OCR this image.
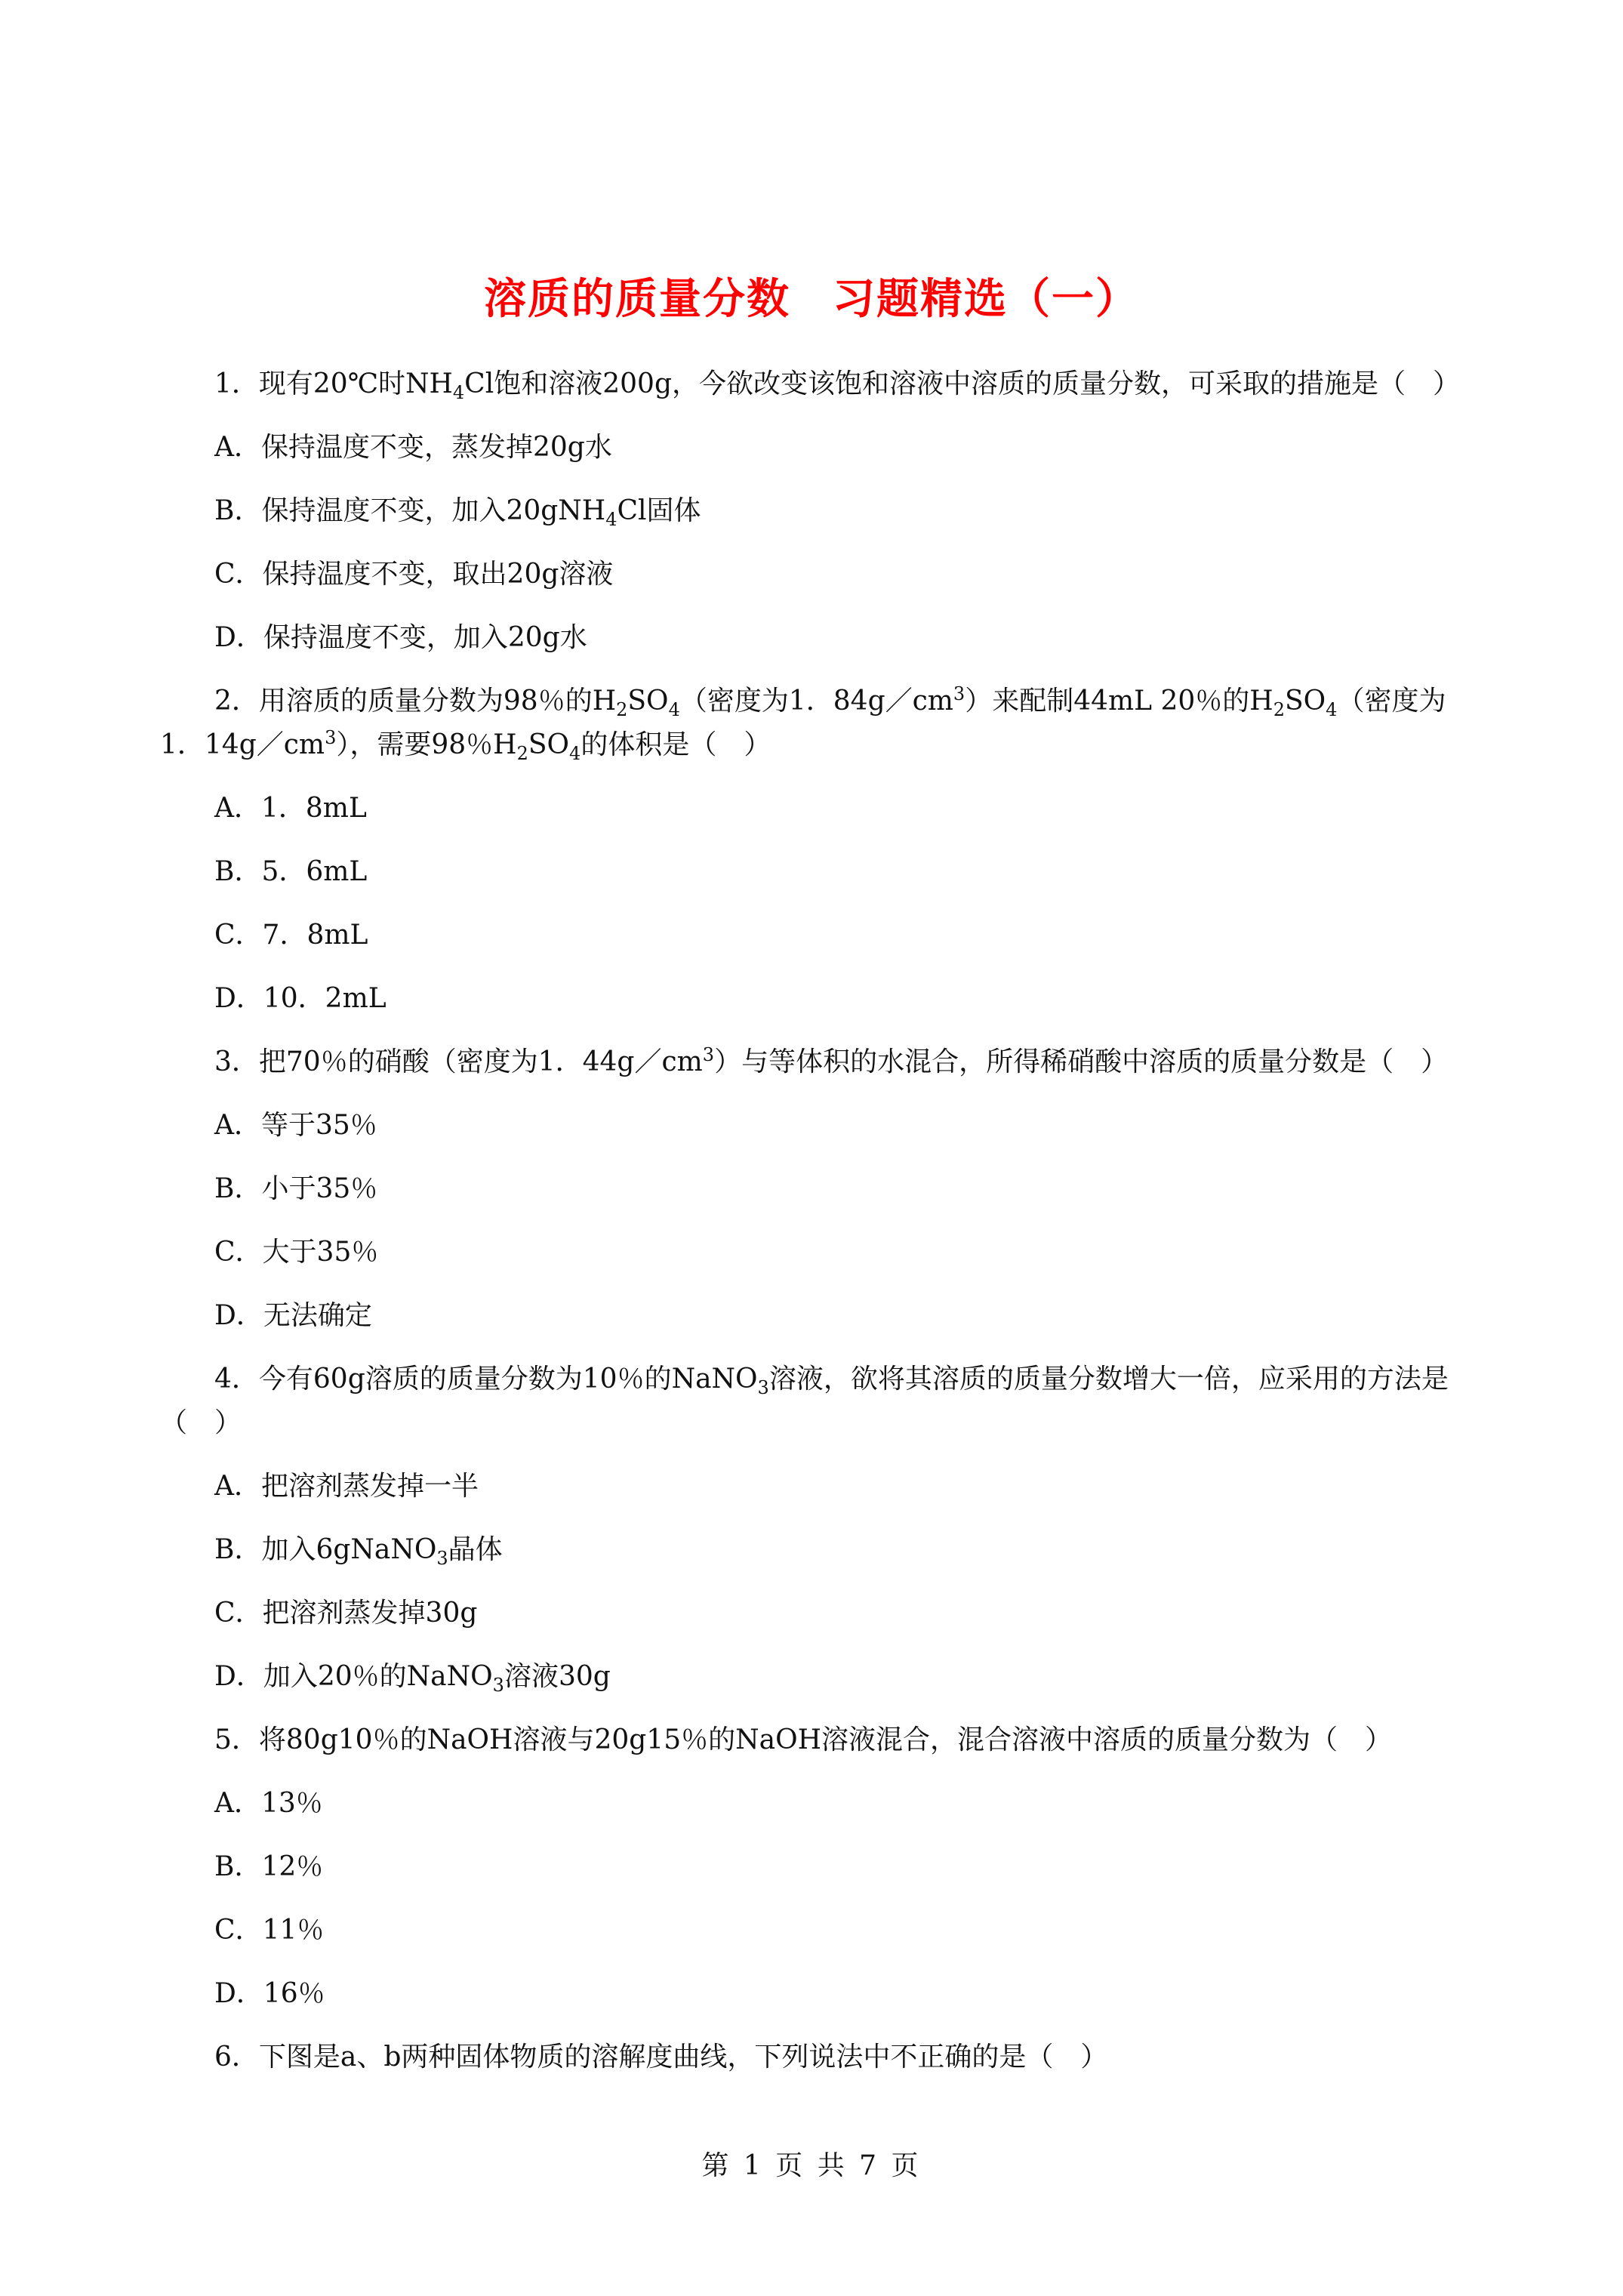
溶质的质量分数 习题精选（一）

1．现有20℃时$NH_4Cl$饱和溶液200g，今欲改变该饱和溶液中溶质的质量分数，可采取的措施是（　）

A．保持温度不变，蒸发掉20g水

B．保持温度不变，加入20gNH$_4$Cl固体

C．保持温度不变，取出20g溶液

D．保持温度不变，加入20g水

2．用溶质的质量分数为98％的$H_2SO_4$（密度为1．$84g/cm^3$）来配制44mL 20％的$H_2SO_4$（密度为1．$14g/cm^3$），需要98％$H_2SO_4$的体积是（　）

A．1．8mL

B．5．6mL

C．7．8mL

D．10．2mL

3．把70％的硝酸（密度为1．$44g/cm^3$）与等体积的水混合，所得稀硝酸中溶质的质量分数是（　）

A．等于35％

B．小于35％

C．大于35％

D．无法确定

4．今有60g溶质的质量分数为10％的NaNO$_3$溶液，欲将其溶质的质量分数增大一倍，应采用的方法是（　）

A．把溶剂蒸发掉一半

B．加入6gNaNO$_3$晶体

C．把溶剂蒸发掉30g

D．加入20％的NaNO$_3$溶液30g

5．将80g10％的NaOH溶液与20g15％的NaOH溶液混合，混合溶液中溶质的质量分数为（　）

A．13％

B．12％

C．11％

D．16％

6．下图是a、b两种固体物质的溶解度曲线，下列说法中不正确的是（　）

第 1 页 共 7 页
